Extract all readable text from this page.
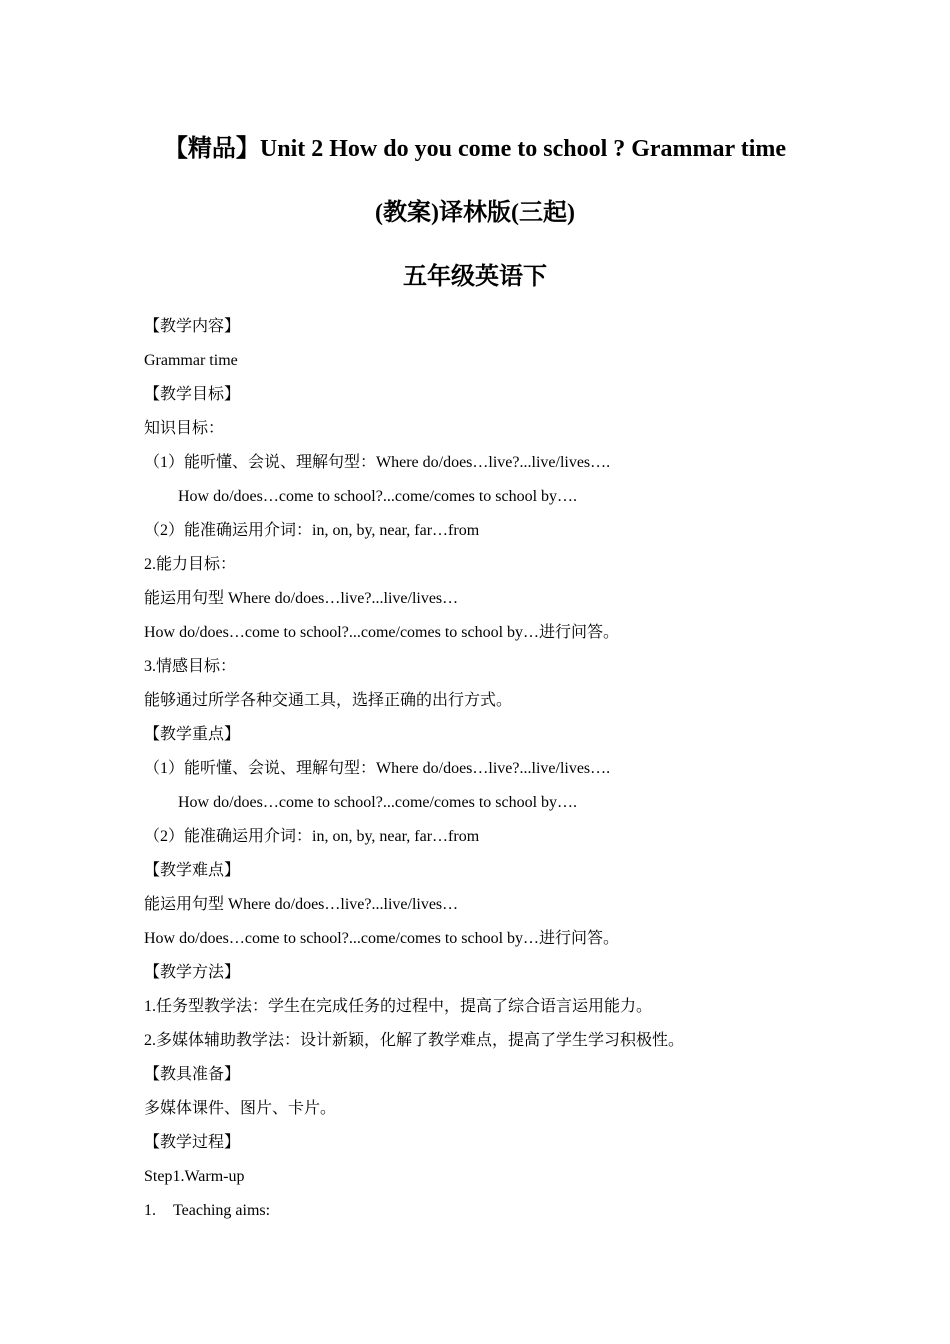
【精品】Unit 2 How do you come to school ? Grammar time
(教案)译林版(三起)
五年级英语下
【教学内容】
Grammar time
【教学目标】
知识目标：
（1）能听懂、会说、理解句型：Where do/does…live?...live/lives….
How do/does…come to school?...come/comes to school by….
（2）能准确运用介词：in, on, by, near, far…from
2.能力目标：
能运用句型 Where do/does…live?...live/lives…
How do/does…come to school?...come/comes to school by…进行问答。
3.情感目标：
能够通过所学各种交通工具，选择正确的出行方式。
【教学重点】
（1）能听懂、会说、理解句型：Where do/does…live?...live/lives….
How do/does…come to school?...come/comes to school by….
（2）能准确运用介词：in, on, by, near, far…from
【教学难点】
能运用句型 Where do/does…live?...live/lives…
How do/does…come to school?...come/comes to school by…进行问答。
【教学方法】
1.任务型教学法：学生在完成任务的过程中，提高了综合语言运用能力。
2.多媒体辅助教学法：设计新颖，化解了教学难点，提高了学生学习积极性。
【教具准备】
多媒体课件、图片、卡片。
【教学过程】
Step1.Warm-up
1. Teaching aims:
